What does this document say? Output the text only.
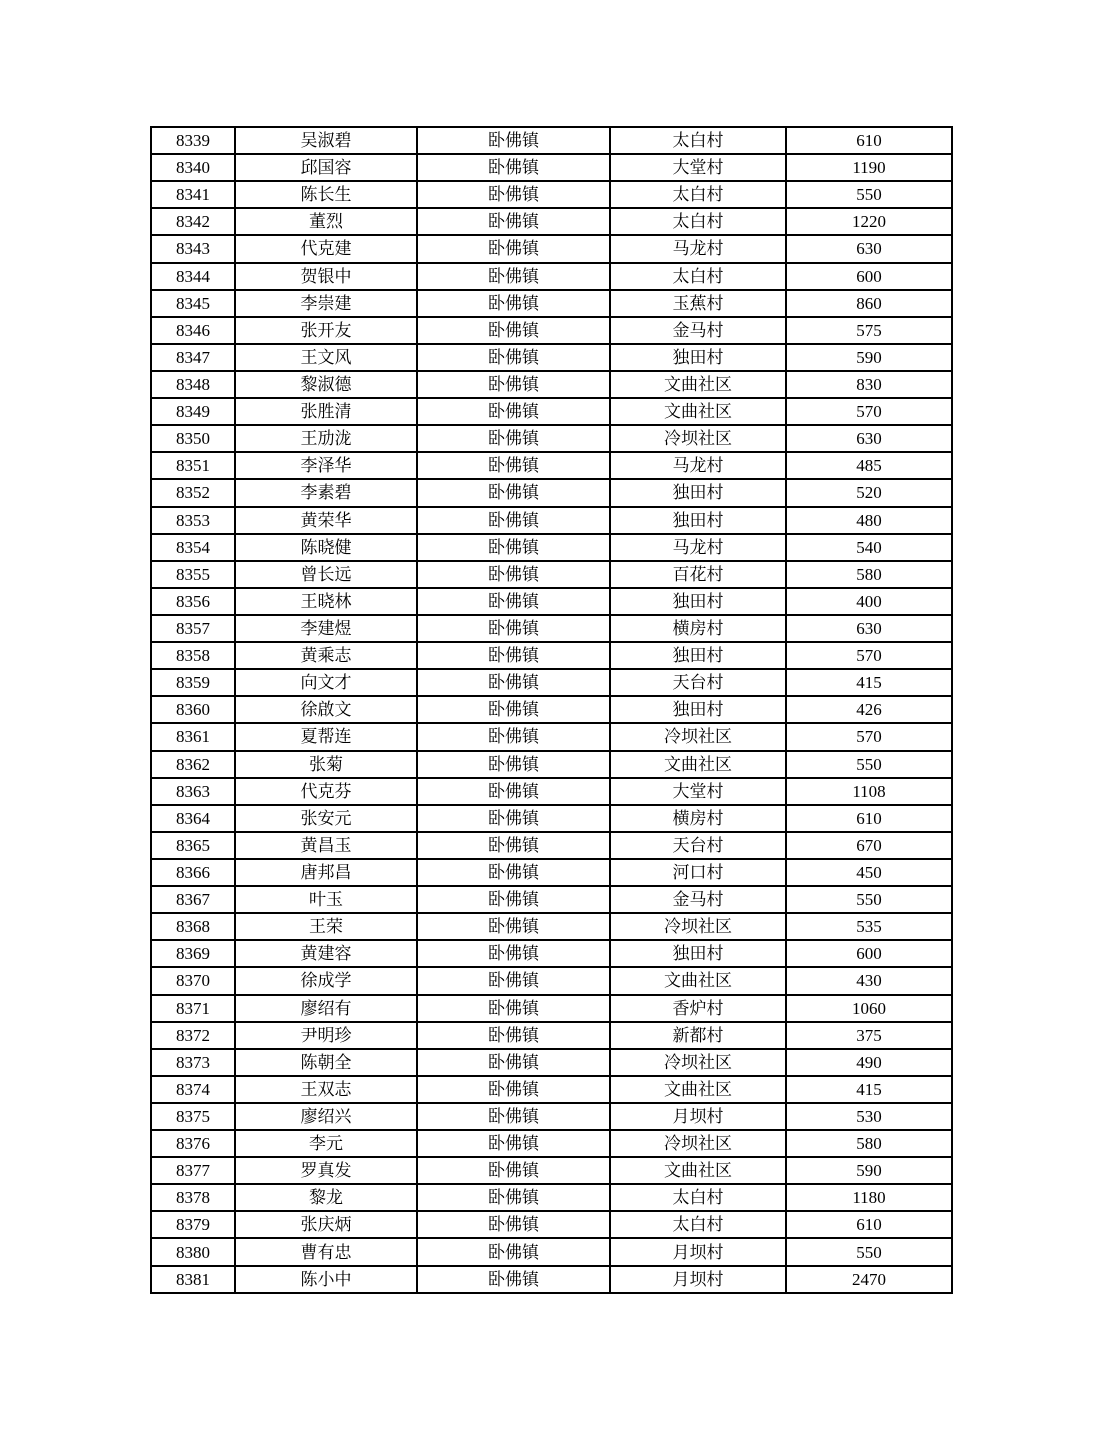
8339	吴淑碧	卧佛镇	太白村	610
8340	邱国容	卧佛镇	大堂村	1190
8341	陈长生	卧佛镇	太白村	550
8342	董烈	卧佛镇	太白村	1220
8343	代克建	卧佛镇	马龙村	630
8344	贺银中	卧佛镇	太白村	600
8345	李崇建	卧佛镇	玉蕉村	860
8346	张开友	卧佛镇	金马村	575
8347	王文风	卧佛镇	独田村	590
8348	黎淑德	卧佛镇	文曲社区	830
8349	张胜清	卧佛镇	文曲社区	570
8350	王劢泷	卧佛镇	冷坝社区	630
8351	李泽华	卧佛镇	马龙村	485
8352	李素碧	卧佛镇	独田村	520
8353	黄荣华	卧佛镇	独田村	480
8354	陈晓健	卧佛镇	马龙村	540
8355	曾长远	卧佛镇	百花村	580
8356	王晓林	卧佛镇	独田村	400
8357	李建煜	卧佛镇	横房村	630
8358	黄乘志	卧佛镇	独田村	570
8359	向文才	卧佛镇	天台村	415
8360	徐啟文	卧佛镇	独田村	426
8361	夏帮连	卧佛镇	冷坝社区	570
8362	张菊	卧佛镇	文曲社区	550
8363	代克芬	卧佛镇	大堂村	1108
8364	张安元	卧佛镇	横房村	610
8365	黄昌玉	卧佛镇	天台村	670
8366	唐邦昌	卧佛镇	河口村	450
8367	叶玉	卧佛镇	金马村	550
8368	王荣	卧佛镇	冷坝社区	535
8369	黄建容	卧佛镇	独田村	600
8370	徐成学	卧佛镇	文曲社区	430
8371	廖绍有	卧佛镇	香炉村	1060
8372	尹明珍	卧佛镇	新都村	375
8373	陈朝全	卧佛镇	冷坝社区	490
8374	王双志	卧佛镇	文曲社区	415
8375	廖绍兴	卧佛镇	月坝村	530
8376	李元	卧佛镇	冷坝社区	580
8377	罗真发	卧佛镇	文曲社区	590
8378	黎龙	卧佛镇	太白村	1180
8379	张庆炳	卧佛镇	太白村	610
8380	曹有忠	卧佛镇	月坝村	550
8381	陈小中	卧佛镇	月坝村	2470
